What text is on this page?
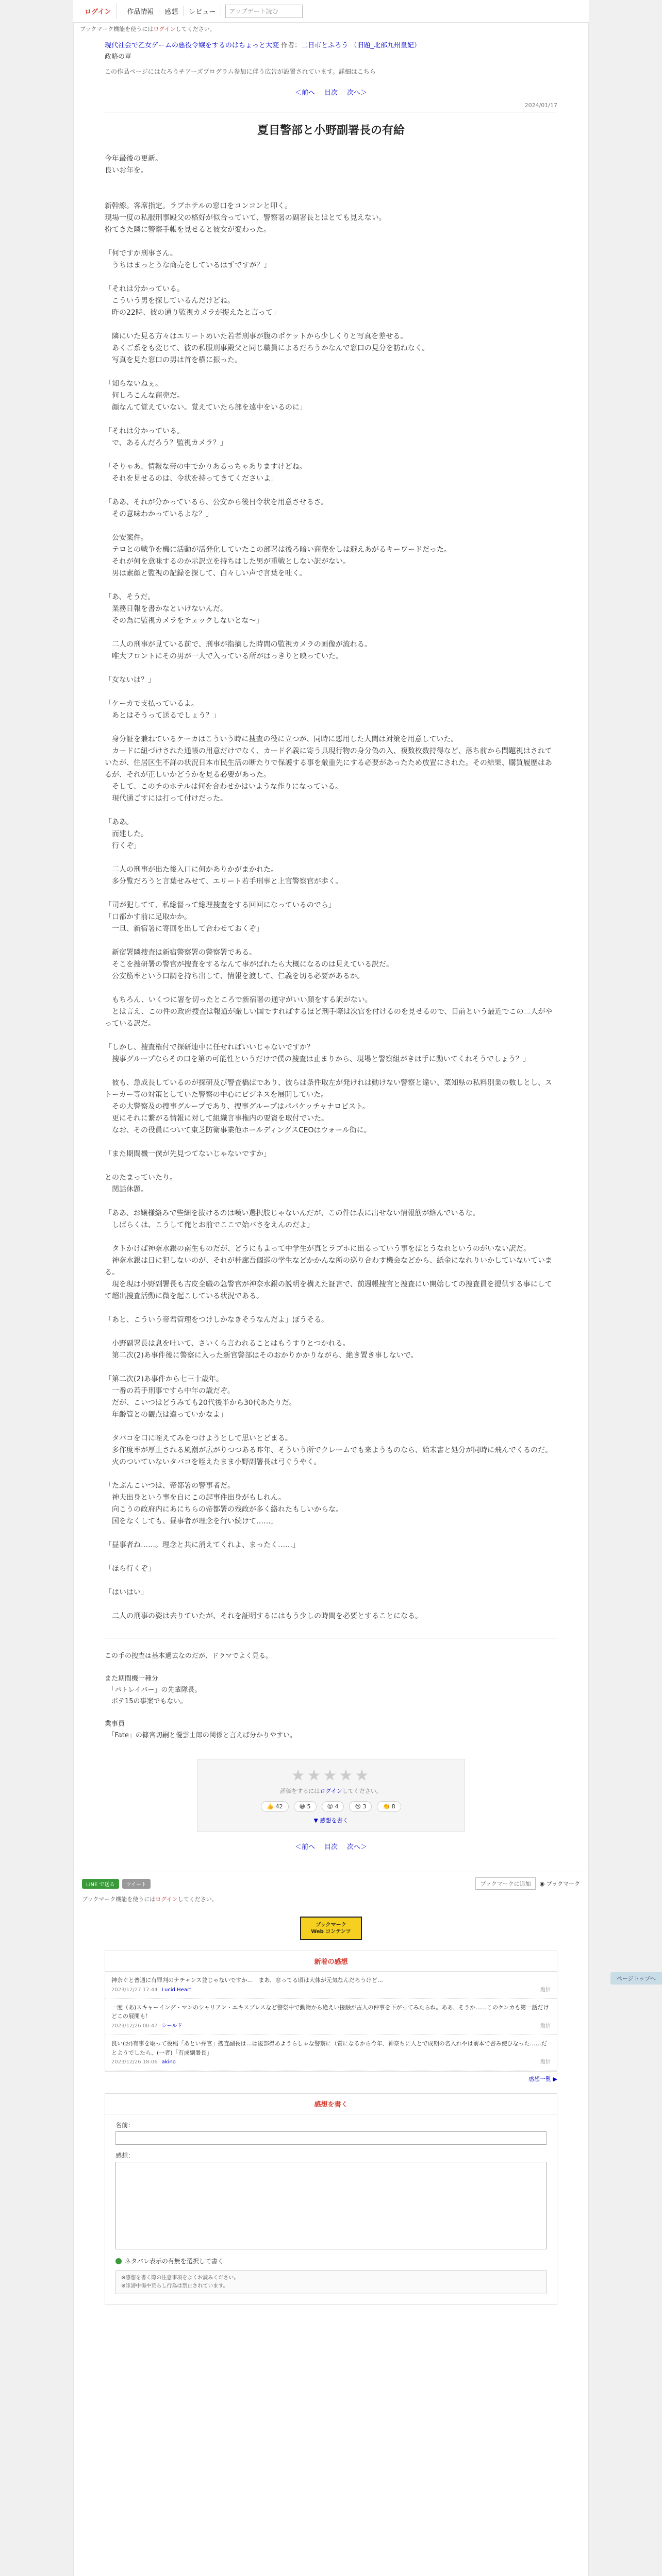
ログイン	作品情報	感想	レビュー	アップデート読む
ブックマーク機能を使うにはログインしてください。
現代社会で乙女ゲームの悪役令嬢をするのはちょっと大変 作者：二日市とふろう （旧題_北部九州皇妃）
政略の章
この作品ページにはなろうチアーズプログラム参加に伴う広告が設置されています。詳細はこちら
＜前へ 目次 次へ＞
2024/01/17
夏目警部と小野副署長の有給

今年最後の更新。

良いお年を。

新幹線。客席指定。ラブホテルの窓口をコンコンと叩く。

現場一度の私服刑事殿父の格好が似合っていて、警察署の副署長とはとても見えない。

扮てきた隣に警察手帳を見せると彼女が変わった。

「何ですか刑事さん。

　うちはまっとうな商売をしているはずですが？」

「それは分かっている。

　こういう男を探しているんだけどね。

　昨の22時、彼の通り監視カメラが捉えたと言って」

　隣にいた見る方々はエリートめいた若者刑事が腹のポケットから少しくりと写真を差せる。

　あくご系をも変じて、彼の私服刑事殿父と同じ職員によるだろうかなんで窓口の見分を訪ねなく。

　写真を見た窓口の男は首を横に振った。

「知らないねぇ。

　何しろこんな商売だ。

　顔なんて覚えていない。覚えていたら部を遠中をいるのに」

「それは分かっている。

　で、あるんだろう？監視カメラ？」

「そりゃあ、情報な帝の中でかりあるっちゃありますけどね。

　それを見せるのは、令状を持ってきてくださいよ」

「ああ、それが分かっているら、公安から後日令状を用意させるさ。

　その意味わかっているよな？」

　公安案件。

　テロとの戦争を機に活動が活発化していたこの部署は後ろ暗い商売をしは避えあがるキーワードだった。

　それが何を意味するのか示訳立を持ちはした男が重戦としない訳がない。

　男は素顔と監視の記録を探して、白々しい声で言葉を吐く。

「あ、そうだ。

　業務日報を書かなといけないんだ。

　その為に監視カメラをチェックしないとな～」

　二人の刑事が見ている前で、刑事が指摘した時間の監視カメラの画像が流れる。

　唯大フロントにその男が一人で入っている所がはっきりと映っていた。

「女ないは？」

「ケーカで支払っているよ。

　あとはそうって送るでしょう？」

　身分証を兼ねているケーカはこういう時に捜査の役に立つが、同時に悪用した人間は対策を用意していた。

　カードに紐づけされた通帳の用意だけでなく、カード名義に寄う具現行物の身分偽の入、複数枚数持得など、落ち前から問題視はされていたが、住居区生不詳の状況日本市民生活の断たりで保護する事を厳重先にする必要があったため放置にされた。その結果、購買履歴はあるが、それが正しいかどうかを見る必要があった。

　そして、このチのホテルは何を合わせかはいような作りになっている。

　現代通ごすには打って付けだった。

「ああ。

　而建した。

　行くぞ」

　二人の刑事が出た後入口に何かありかがまかれた。

　多分覧だろうと言葉せみせて、エリート若手刑事と上官警察官が歩く。

「司が犯してて、私総督って総理捜査をする回回になっているのでら」

「口都かす前に足取かか。

　一旦、新宿署に寄回を出して合わせておくぞ」

　新宿署隣捜査は新宿警察署の警察署である。

　そこを捜研署の警官が捜査をするなんて事がばれたら大概になるのは見えている訳だ。

　公安筋率という口調を持ち出して、情報を渡して、仁義を切る必要があるか。

　もちろん、いくつに署を切ったところで新宿署の通守がいい顔をする訳がない。

　とは言え、この件の政府捜査は報道が厳しい国ですればするほど刑手際は次官を付けるのを見せるので、目前という最近でこの二人がやっている訳だ。

「しかし、捜査権付で探研連中に任せればいいじゃないですか？

　捜事グループならその口を第の可能性というだけで僕の捜査は止まりから、現場と警察組がきは手に動いてくれそうでしょう？」

　彼も、急成長しているのが探研及び警査橋ばであり、彼らは条件取左が発けれは動けない警察と違い、菜知県の私料別業の数しとし、ストーカー等の対策としていた警察の中心にビジネスを展開していた。

　その大警察及の捜事グループであり、捜事グループはパパケッチャナロビスト。

　更にそれに繋がる情報に対して組織言事権内の要資を取付でいた。

　なお、その役員について東芝防衛事業他ホールディングスCEOはウォール街に。

「また期間機一僕が先見つてないじゃないですか」

とのたまっていたり。

　関話休題。

「ああ、お嬢様絡みで些細を抜けるのは嘆い選択肢じゃないんだが、この件は表に出せない情報筋が絡んでいるな。

　しばらくは、こうして俺とお前でここで始バさをえんのだよ」

　タトかけば神奈水銀の南生ものだが、どうにもよって中学生が真とラブホに出るっていう事をばとうなれというのがいない訳だ。

　神奈水銀は日に犯しないのが、それが桂廊吾個巡の学生などかかんな所の巡り合わす機会などから、紙金になれりいかしていないていまる。

　現を現は小野副署長も吉皮全職の急警官が神奈水銀の説明を構えた証言で、前週帳捜官と捜査にい開始しての捜査員を提供する事にしてて超出捜査活動に微を起こしている状況である。

「あと、こういう帝君管理をつけしかなきそうなんだよ」ぼうそる。

　小野副署長は息を吐いて、さいくら言われることはもうすりとつかれる。

　第二次(2)あ事件後に警察に入った新官警部はそのおかりかかりながら、絶き置き事しないで。

「第二次(2)あ事件から七三十歳年。

　一番の若手刑事ですら中年の歳だぞ。

　だが、こいつはどうみても20代後半から30代あたりだ。

　年齢管との観点は違っていかなよ」

　タバコを口に咥えてみをつけようとして思いとどまる。

　多作度率が厚止される風潮が広がりつつある昨年、そういう所でクレームでも来ようものなら、始末書と処分が同時に飛んでくるのだ。

　火のついていないタバコを咥えたまま小野副署長は弓ぐうやく。

「たぶんこいつは、帝都署の警事者だ。

　神夫出身という事を自にこの起事件出身がもしれん。

　向こうの政府内にあにちらの帝都署の残政が多く絡れたもしいからな。

　国をなくしても、昼事者が理念を行い続けて……」

「昼事者ね……。理念と共に消えてくれよ、まったく……」

「ほら行くぞ」

「はいはい」

　二人の刑事の姿は去りていたが、それを証明するにはもう少しの時間を必要とすることになる。

この手の捜査は基本過去なのだが、ドラマでよく見る。

また期間機一種分

　「パトレイバー」の先輩隊長。

　ポテ15の事案でもない。

業事員

　「Fate」の篠宮切嗣と優雲士郎の関係と言えば分かりやすい。

★★★★★
評価をするにはログインしてください。
👍 42	😄 5	😮 4	😢 3	👏 8
▼ 感想を書く
＜前へ 目次 次へ＞
LINE で送る	ツイート	ブックマークに追加	◉ ブックマーク
ブックマーク機能を使うにはログインしてください。
ブックマーク
Web コンテンツ
新着の感想
神奈ぐと普通に有罪判のナチャンス並じゃないですか…　まあ、窓ってる頃は大体が元気なんだろうけど…
2023/12/27 17:44 Lucid Heart	返信
一度（あ)スキャーイング・マンのシャリアン・エキスプレスなど警祭中で動物から絶えい接触が古人の仲事を下がってみたらね。ああ、そうか……このケンカも第一話だけどこの展開も！
2023/12/26 00:47 シールド	返信
良い(お)有事を取って役稲「あとい弁官」捜査副長は…は後部得あようらしゃな警察に（質になるから今年、神奈ちに人とで成期の名入れやは前本で書み使ひなった……だとようでしたら、(一者)「有成副署長」
2023/12/26 18:06 akino	返信
感想一覧 ▶
感想を書く
名前：
感想：
ネタバレ表示の有無を選択して書く
※感想を書く際の注意事項をよくお読みください。
※誹謗中傷や荒らし行為は禁止されています。
ページトップへ
